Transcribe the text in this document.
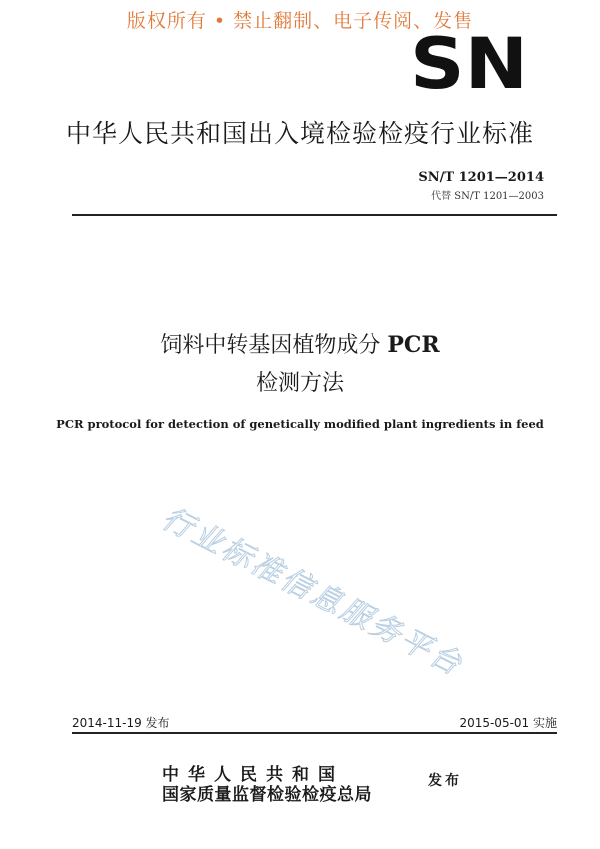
版权所有 • 禁止翻制、电子传阅、发售
SN
中华人民共和国出入境检验检疫行业标准
SN/T 1201—2014
代替 SN/T 1201—2003
饲料中转基因植物成分 PCR
检测方法
PCR protocol for detection of genetically modified plant ingredients in feed
行业标准信息服务平台
2014-11-19 发布	2015-05-01 实施
中华人民共和国
国家质量监督检验检疫总局
发布
